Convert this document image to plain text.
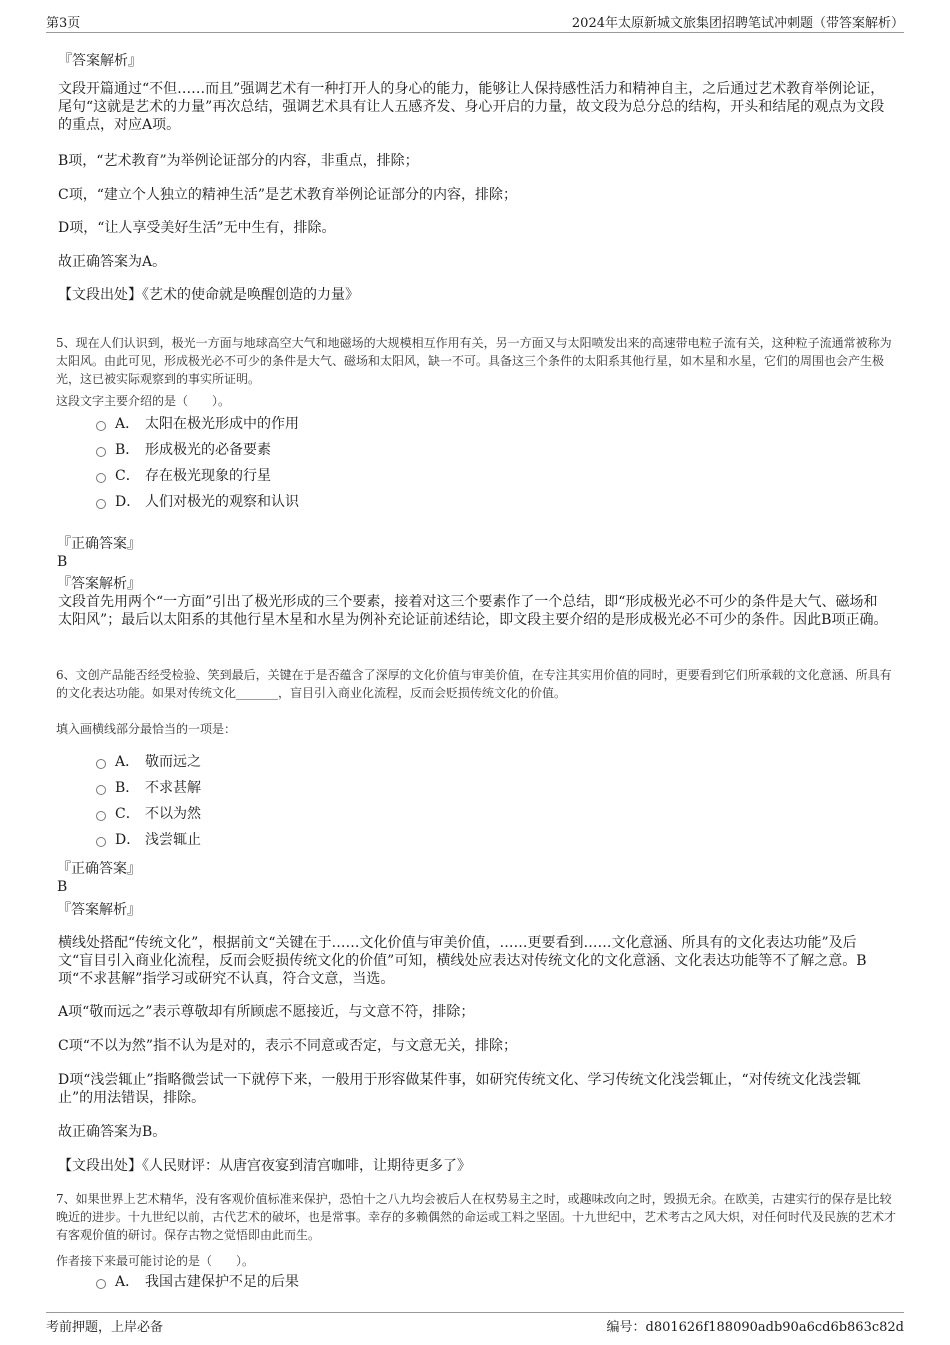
第3页	2024年太原新城文旅集团招聘笔试冲刺题（带答案解析）
『答案解析』
文段开篇通过“不但……而且”强调艺术有一种打开人的身心的能力，能够让人保持感性活力和精神自主，之后通过艺术教育举例论证，尾句“这就是艺术的力量”再次总结，强调艺术具有让人五感齐发、身心开启的力量，故文段为总分总的结构，开头和结尾的观点为文段的重点，对应A项。
B项，“艺术教育”为举例论证部分的内容，非重点，排除；
C项，“建立个人独立的精神生活”是艺术教育举例论证部分的内容，排除；
D项，“让人享受美好生活”无中生有，排除。
故正确答案为A。
【文段出处】《艺术的使命就是唤醒创造的力量》
5、现在人们认识到，极光一方面与地球高空大气和地磁场的大规模相互作用有关，另一方面又与太阳喷发出来的高速带电粒子流有关，这种粒子流通常被称为太阳风。由此可见，形成极光必不可少的条件是大气、磁场和太阳风，缺一不可。具备这三个条件的太阳系其他行星，如木星和水星，它们的周围也会产生极光，这已被实际观察到的事实所证明。
这段文字主要介绍的是（　　）。
A． 太阳在极光形成中的作用
B． 形成极光的必备要素
C． 存在极光现象的行星
D． 人们对极光的观察和认识
『正确答案』
B
『答案解析』
文段首先用两个“一方面”引出了极光形成的三个要素，接着对这三个要素作了一个总结，即“形成极光必不可少的条件是大气、磁场和太阳风”；最后以太阳系的其他行星木星和水星为例补充论证前述结论，即文段主要介绍的是形成极光必不可少的条件。因此B项正确。
6、文创产品能否经受检验、笑到最后，关键在于是否蕴含了深厚的文化价值与审美价值，在专注其实用价值的同时，更要看到它们所承载的文化意涵、所具有的文化表达功能。如果对传统文化_______，盲目引入商业化流程，反而会贬损传统文化的价值。
填入画横线部分最恰当的一项是：
A． 敬而远之
B． 不求甚解
C． 不以为然
D． 浅尝辄止
『正确答案』
B
『答案解析』
横线处搭配“传统文化”，根据前文“关键在于……文化价值与审美价值，……更要看到……文化意涵、所具有的文化表达功能”及后文“盲目引入商业化流程，反而会贬损传统文化的价值”可知，横线处应表达对传统文化的文化意涵、文化表达功能等不了解之意。B项“不求甚解”指学习或研究不认真，符合文意，当选。
A项“敬而远之”表示尊敬却有所顾虑不愿接近，与文意不符，排除；
C项“不以为然”指不认为是对的，表示不同意或否定，与文意无关，排除；
D项“浅尝辄止”指略微尝试一下就停下来，一般用于形容做某件事，如研究传统文化、学习传统文化浅尝辄止，“对传统文化浅尝辄止”的用法错误，排除。
故正确答案为B。
【文段出处】《人民财评：从唐宫夜宴到清宫咖啡，让期待更多了》
7、如果世界上艺术精华，没有客观价值标准来保护，恐怕十之八九均会被后人在权势易主之时，或趣味改向之时，毁损无余。在欧美，古建实行的保存是比较晚近的进步。十九世纪以前，古代艺术的破坏，也是常事。幸存的多赖偶然的命运或工料之坚固。十九世纪中，艺术考古之风大炽，对任何时代及民族的艺术才有客观价值的研讨。保存古物之觉悟即由此而生。
作者接下来最可能讨论的是（　　）。
A． 我国古建保护不足的后果
考前押题，上岸必备	编号：d801626f188090adb90a6cd6b863c82d
